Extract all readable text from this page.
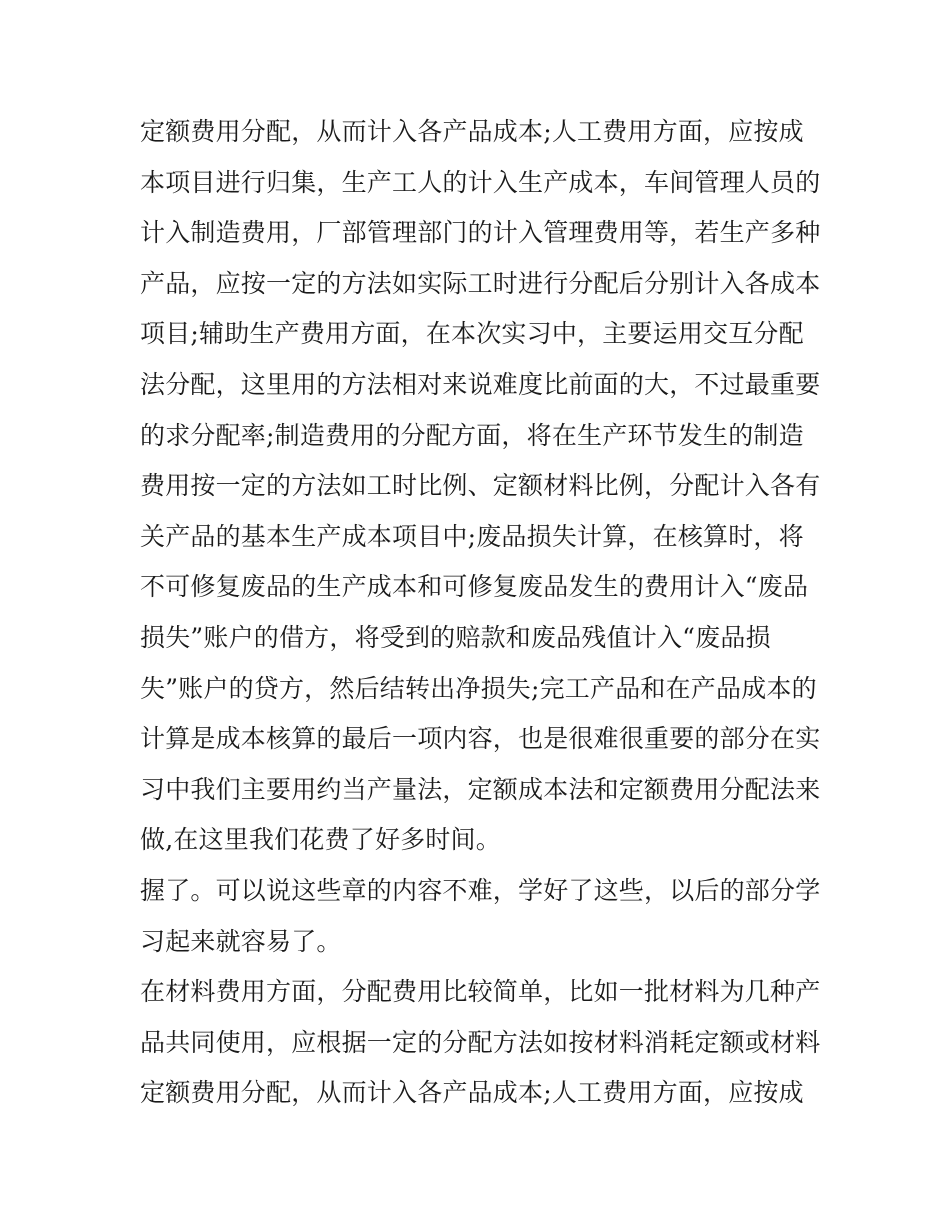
定额费用分配，从而计入各产品成本;人工费用方面，应按成
本项目进行归集，生产工人的计入生产成本，车间管理人员的
计入制造费用，厂部管理部门的计入管理费用等，若生产多种
产品，应按一定的方法如实际工时进行分配后分别计入各成本
项目;辅助生产费用方面，在本次实习中，主要运用交互分配
法分配，这里用的方法相对来说难度比前面的大，不过最重要
的求分配率;制造费用的分配方面，将在生产环节发生的制造
费用按一定的方法如工时比例、定额材料比例，分配计入各有
关产品的基本生产成本项目中;废品损失计算，在核算时，将
不可修复废品的生产成本和可修复废品发生的费用计入“废品
损失”账户的借方，将受到的赔款和废品残值计入“废品损
失”账户的贷方，然后结转出净损失;完工产品和在产品成本的
计算是成本核算的最后一项内容，也是很难很重要的部分在实
习中我们主要用约当产量法，定额成本法和定额费用分配法来
做,在这里我们花费了好多时间。
握了。可以说这些章的内容不难，学好了这些，以后的部分学
习起来就容易了。
在材料费用方面，分配费用比较简单，比如一批材料为几种产
品共同使用，应根据一定的分配方法如按材料消耗定额或材料
定额费用分配，从而计入各产品成本;人工费用方面，应按成
